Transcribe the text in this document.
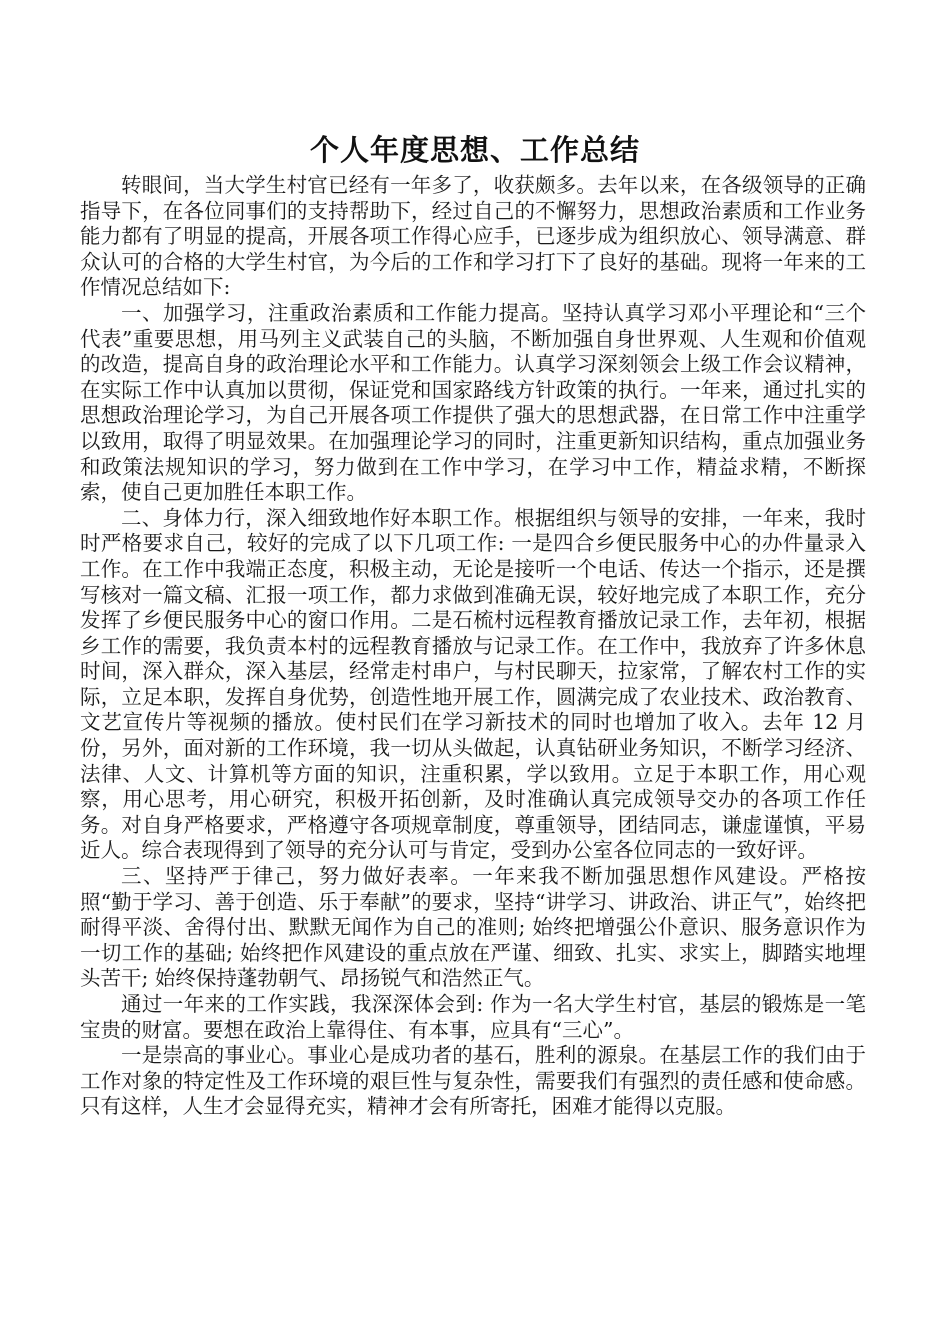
个人年度思想、工作总结

转眼间，当大学生村官已经有一年多了，收获颇多。去年以来，在各级领导的正确指导下，在各位同事们的支持帮助下，经过自己的不懈努力，思想政治素质和工作业务能力都有了明显的提高，开展各项工作得心应手，已逐步成为组织放心、领导满意、群众认可的合格的大学生村官，为今后的工作和学习打下了良好的基础。现将一年来的工作情况总结如下:

一、加强学习，注重政治素质和工作能力提高。坚持认真学习邓小平理论和“三个代表”重要思想，用马列主义武装自己的头脑，不断加强自身世界观、人生观和价值观的改造，提高自身的政治理论水平和工作能力。认真学习深刻领会上级工作会议精神，在实际工作中认真加以贯彻，保证党和国家路线方针政策的执行。一年来，通过扎实的思想政治理论学习，为自己开展各项工作提供了强大的思想武器，在日常工作中注重学以致用，取得了明显效果。在加强理论学习的同时，注重更新知识结构，重点加强业务和政策法规知识的学习，努力做到在工作中学习，在学习中工作，精益求精，不断探索，使自己更加胜任本职工作。

二、身体力行，深入细致地作好本职工作。根据组织与领导的安排，一年来，我时时严格要求自己，较好的完成了以下几项工作: 一是四合乡便民服务中心的办件量录入工作。在工作中我端正态度，积极主动，无论是接听一个电话、传达一个指示，还是撰写核对一篇文稿、汇报一项工作，都力求做到准确无误，较好地完成了本职工作，充分发挥了乡便民服务中心的窗口作用。二是石梳村远程教育播放记录工作，去年初，根据乡工作的需要，我负责本村的远程教育播放与记录工作。在工作中，我放弃了许多休息时间，深入群众，深入基层，经常走村串户，与村民聊天，拉家常，了解农村工作的实际，立足本职，发挥自身优势，创造性地开展工作，圆满完成了农业技术、政治教育、文艺宣传片等视频的播放。使村民们在学习新技术的同时也增加了收入。去年 12 月份，另外，面对新的工作环境，我一切从头做起，认真钻研业务知识，不断学习经济、法律、人文、计算机等方面的知识，注重积累，学以致用。立足于本职工作，用心观察，用心思考，用心研究，积极开拓创新，及时准确认真完成领导交办的各项工作任务。对自身严格要求，严格遵守各项规章制度，尊重领导，团结同志，谦虚谨慎，平易近人。综合表现得到了领导的充分认可与肯定，受到办公室各位同志的一致好评。

三、坚持严于律己，努力做好表率。一年来我不断加强思想作风建设。严格按照“勤于学习、善于创造、乐于奉献”的要求，坚持“讲学习、讲政治、讲正气”，始终把耐得平淡、舍得付出、默默无闻作为自己的准则; 始终把增强公仆意识、服务意识作为一切工作的基础; 始终把作风建设的重点放在严谨、细致、扎实、求实上，脚踏实地埋头苦干; 始终保持蓬勃朝气、昂扬锐气和浩然正气。

通过一年来的工作实践，我深深体会到: 作为一名大学生村官，基层的锻炼是一笔宝贵的财富。要想在政治上靠得住、有本事，应具有“三心”。

一是崇高的事业心。事业心是成功者的基石，胜利的源泉。在基层工作的我们由于工作对象的特定性及工作环境的艰巨性与复杂性，需要我们有强烈的责任感和使命感。只有这样，人生才会显得充实，精神才会有所寄托，困难才能得以克服。
